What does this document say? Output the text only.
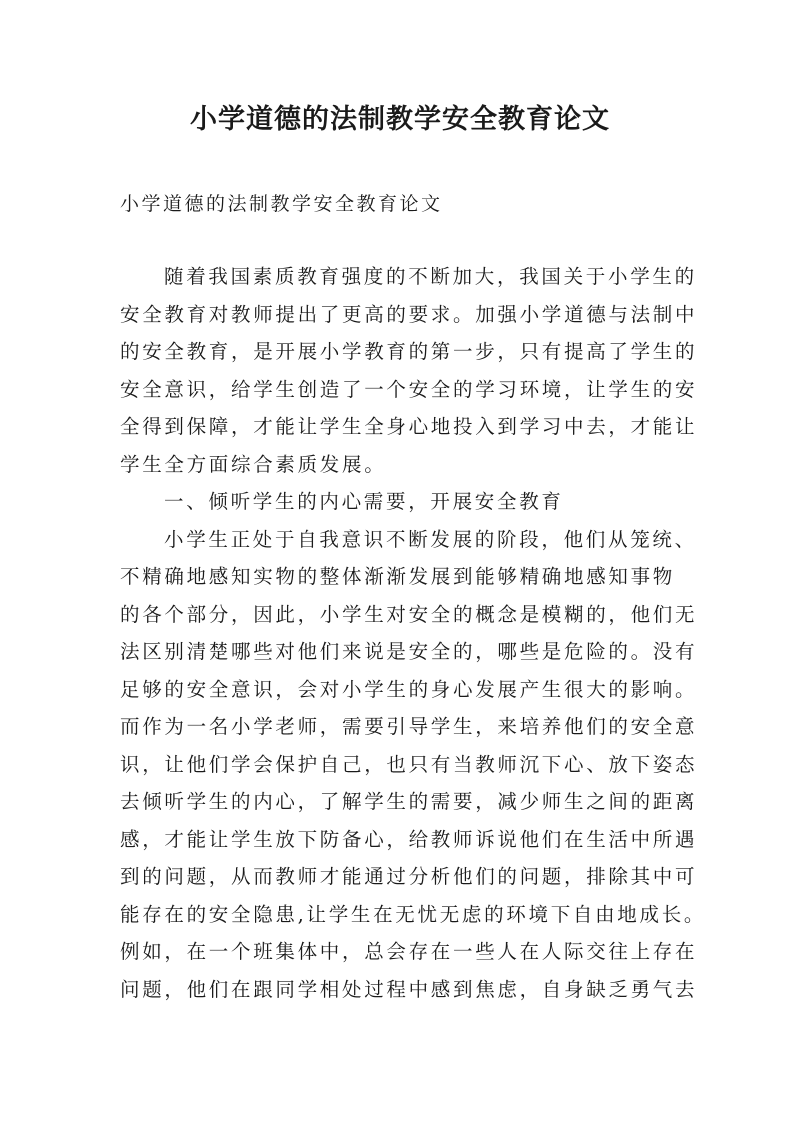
小学道德的法制教学安全教育论文
小学道德的法制教学安全教育论文
随着我国素质教育强度的不断加大，我国关于小学生的
安全教育对教师提出了更高的要求。加强小学道德与法制中
的安全教育，是开展小学教育的第一步，只有提高了学生的
安全意识，给学生创造了一个安全的学习环境，让学生的安
全得到保障，才能让学生全身心地投入到学习中去，才能让
学生全方面综合素质发展。
一、倾听学生的内心需要，开展安全教育
小学生正处于自我意识不断发展的阶段，他们从笼统、
不精确地感知实物的整体渐渐发展到能够精确地感知事物
的各个部分，因此，小学生对安全的概念是模糊的，他们无
法区别清楚哪些对他们来说是安全的，哪些是危险的。没有
足够的安全意识，会对小学生的身心发展产生很大的影响。
而作为一名小学老师，需要引导学生，来培养他们的安全意
识，让他们学会保护自己，也只有当教师沉下心、放下姿态
去倾听学生的内心，了解学生的需要，减少师生之间的距离
感，才能让学生放下防备心，给教师诉说他们在生活中所遇
到的问题，从而教师才能通过分析他们的问题，排除其中可
能存在的安全隐患,让学生在无忧无虑的环境下自由地成长。
例如，在一个班集体中，总会存在一些人在人际交往上存在
问题，他们在跟同学相处过程中感到焦虑，自身缺乏勇气去
